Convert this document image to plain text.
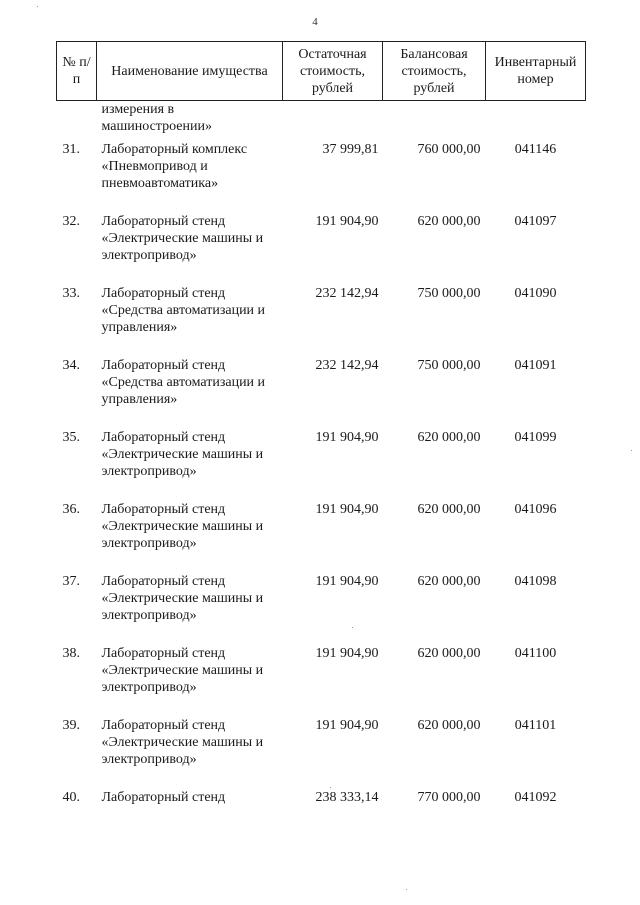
4
№ п/п	Наименование имущества	Остаточная стоимость, рублей	Балансовая стоимость, рублей	Инвентарный номер
	измерения в машиностроении»			
31.	Лабораторный комплекс «Пневмопривод и пневмоавтоматика»	37 999,81	760 000,00	041146
32.	Лабораторный стенд «Электрические машины и электропривод»	191 904,90	620 000,00	041097
33.	Лабораторный стенд «Средства автоматизации и управления»	232 142,94	750 000,00	041090
34.	Лабораторный стенд «Средства автоматизации и управления»	232 142,94	750 000,00	041091
35.	Лабораторный стенд «Электрические машины и электропривод»	191 904,90	620 000,00	041099
36.	Лабораторный стенд «Электрические машины и электропривод»	191 904,90	620 000,00	041096
37.	Лабораторный стенд «Электрические машины и электропривод»	191 904,90	620 000,00	041098
38.	Лабораторный стенд «Электрические машины и электропривод»	191 904,90	620 000,00	041100
39.	Лабораторный стенд «Электрические машины и электропривод»	191 904,90	620 000,00	041101
40.	Лабораторный стенд	238 333,14	770 000,00	041092
